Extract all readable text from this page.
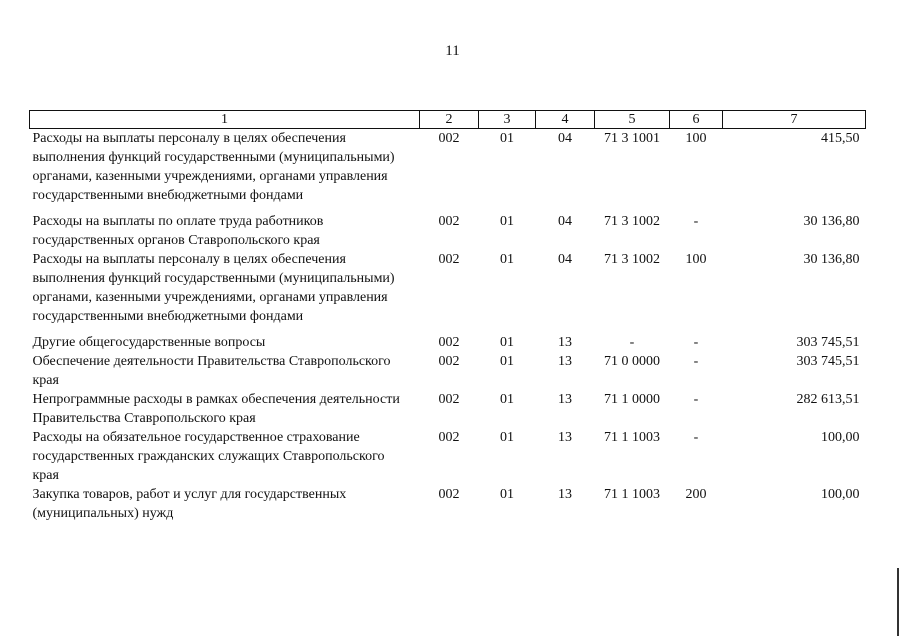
11
1	2	3	4	5	6	7
Расходы на выплаты персоналу в целях обеспечения выполнения функций государственными (муниципальными) органами, казенными учреждениями, органами управления государственными внебюджетными фондами	002	01	04	71 3 1001	100	415,50
Расходы на выплаты по оплате труда работников государственных органов Ставропольского края	002	01	04	71 3 1002	-	30 136,80
Расходы на выплаты персоналу в целях обеспечения выполнения функций государственными (муниципальными) органами, казенными учреждениями, органами управления государственными внебюджетными фондами	002	01	04	71 3 1002	100	30 136,80
Другие общегосударственные вопросы	002	01	13	-	-	303 745,51
Обеспечение деятельности Правительства Ставропольского края	002	01	13	71 0 0000	-	303 745,51
Непрограммные расходы в рамках обеспечения деятельности Правительства Ставропольского края	002	01	13	71 1 0000	-	282 613,51
Расходы на обязательное государственное страхование государственных гражданских служащих Ставропольского края	002	01	13	71 1 1003	-	100,00
Закупка товаров, работ и услуг для государственных (муниципальных) нужд	002	01	13	71 1 1003	200	100,00
